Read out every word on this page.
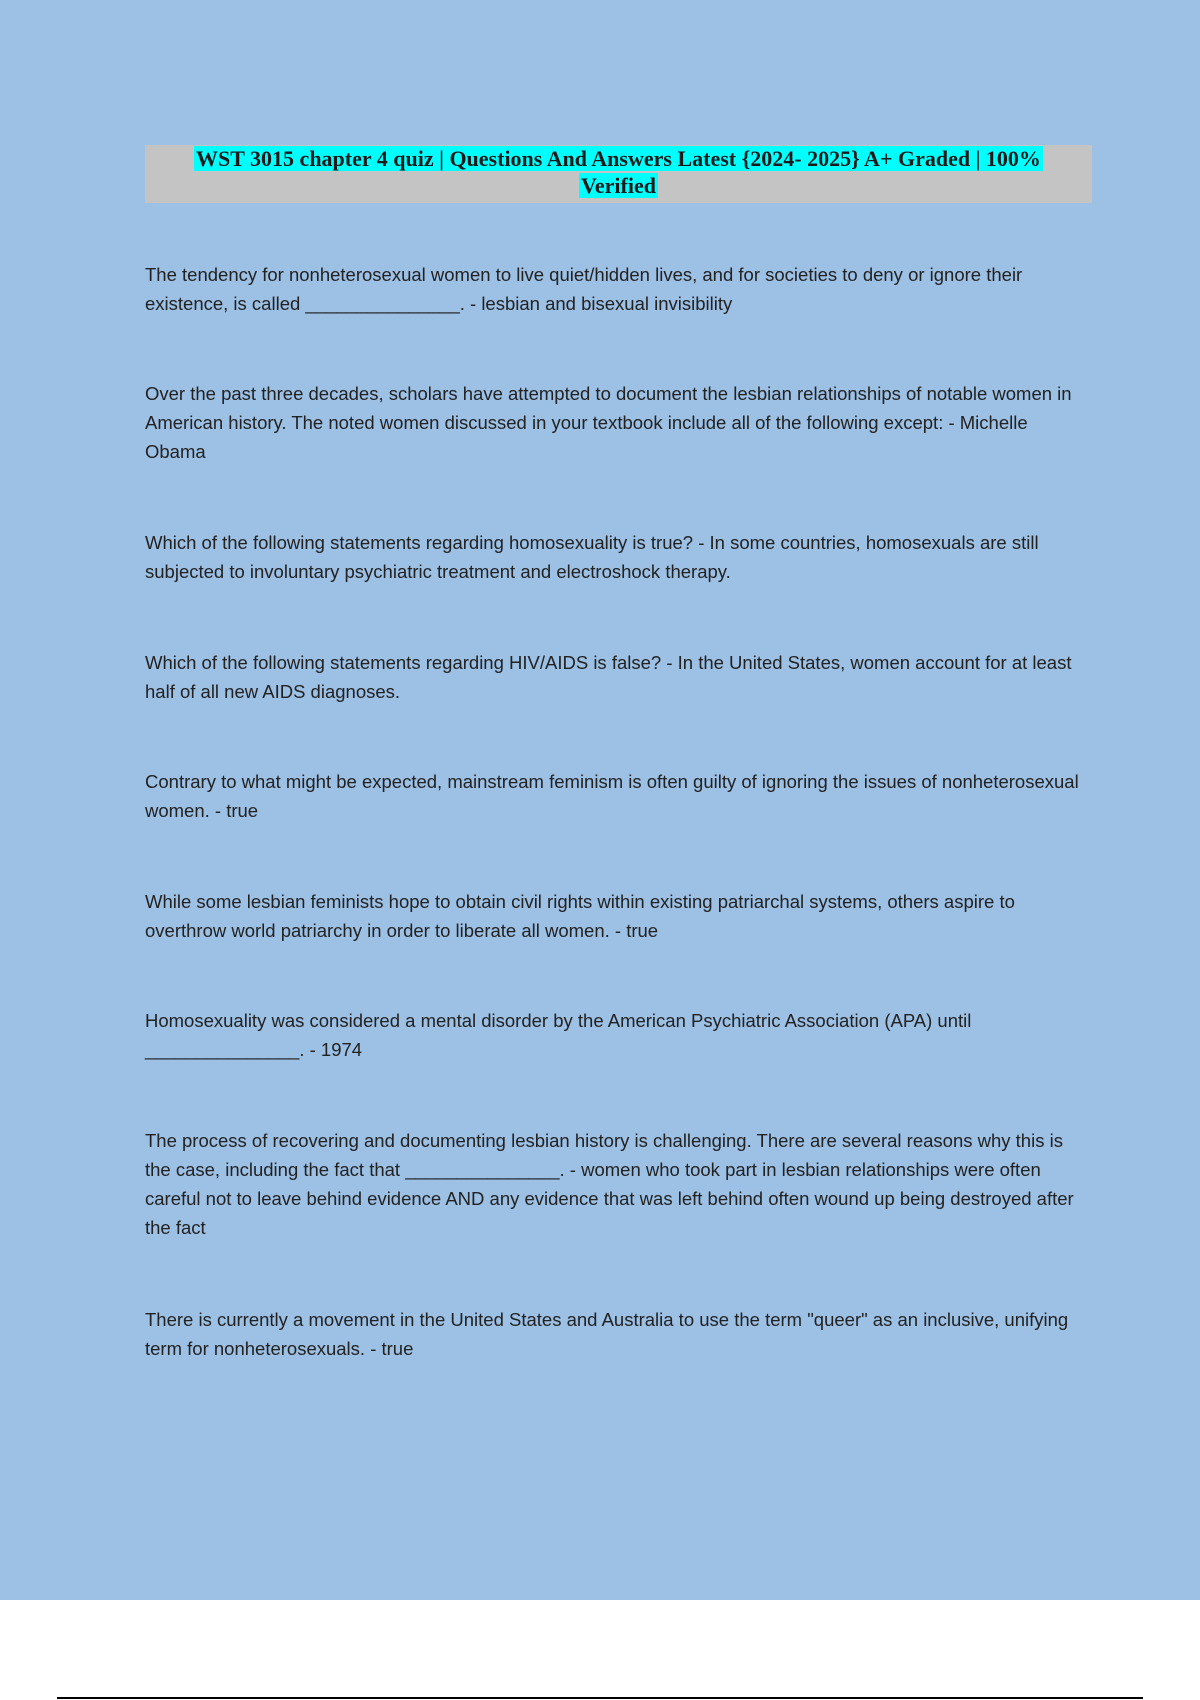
WST 3015 chapter 4 quiz | Questions And Answers Latest {2024- 2025} A+ Graded | 100%
Verified
The tendency for nonheterosexual women to live quiet/hidden lives, and for societies to deny or ignore their existence, is called _______________. - lesbian and bisexual invisibility
Over the past three decades, scholars have attempted to document the lesbian relationships of notable women in American history. The noted women discussed in your textbook include all of the following except: - Michelle Obama
Which of the following statements regarding homosexuality is true? - In some countries, homosexuals are still subjected to involuntary psychiatric treatment and electroshock therapy.
Which of the following statements regarding HIV/AIDS is false? - In the United States, women account for at least half of all new AIDS diagnoses.
Contrary to what might be expected, mainstream feminism is often guilty of ignoring the issues of nonheterosexual women. - true
While some lesbian feminists hope to obtain civil rights within existing patriarchal systems, others aspire to overthrow world patriarchy in order to liberate all women. - true
Homosexuality was considered a mental disorder by the American Psychiatric Association (APA) until _______________. - 1974
The process of recovering and documenting lesbian history is challenging. There are several reasons why this is the case, including the fact that _______________. - women who took part in lesbian relationships were often careful not to leave behind evidence AND any evidence that was left behind often wound up being destroyed after the fact
There is currently a movement in the United States and Australia to use the term "queer" as an inclusive, unifying term for nonheterosexuals. - true
